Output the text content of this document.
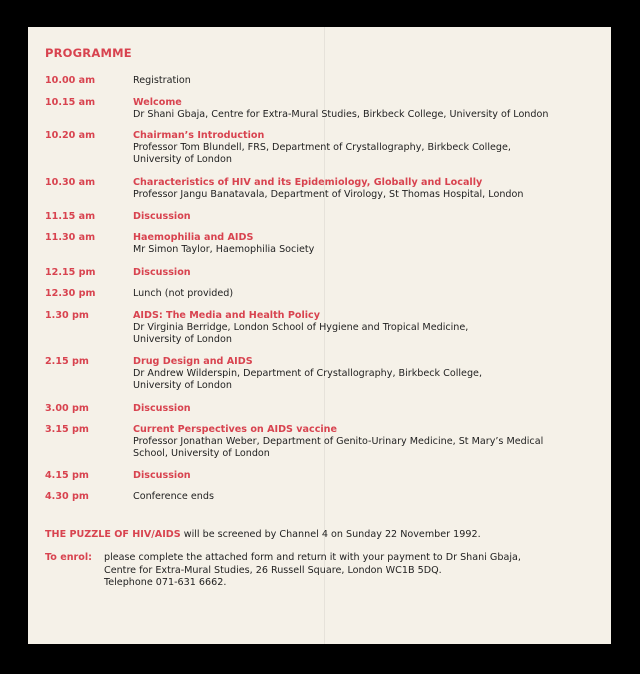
PROGRAMME
10.00 am	Registration
10.15 am	Welcome
Dr Shani Gbaja, Centre for Extra-Mural Studies, Birkbeck College, University of London
10.20 am	Chairman’s Introduction
Professor Tom Blundell, FRS, Department of Crystallography, Birkbeck College,
University of London
10.30 am	Characteristics of HIV and its Epidemiology, Globally and Locally
Professor Jangu Banatavala, Department of Virology, St Thomas Hospital, London
11.15 am	Discussion
11.30 am	Haemophilia and AIDS
Mr Simon Taylor, Haemophilia Society
12.15 pm	Discussion
12.30 pm	Lunch (not provided)
1.30 pm	AIDS: The Media and Health Policy
Dr Virginia Berridge, London School of Hygiene and Tropical Medicine,
University of London
2.15 pm	Drug Design and AIDS
Dr Andrew Wilderspin, Department of Crystallography, Birkbeck College,
University of London
3.00 pm	Discussion
3.15 pm	Current Perspectives on AIDS vaccine
Professor Jonathan Weber, Department of Genito-Urinary Medicine, St Mary’s Medical
School, University of London
4.15 pm	Discussion
4.30 pm	Conference ends
THE PUZZLE OF HIV/AIDS will be screened by Channel 4 on Sunday 22 November 1992.
To enrol: please complete the attached form and return it with your payment to Dr Shani Gbaja,
Centre for Extra-Mural Studies, 26 Russell Square, London WC1B 5DQ.
Telephone 071-631 6662.
